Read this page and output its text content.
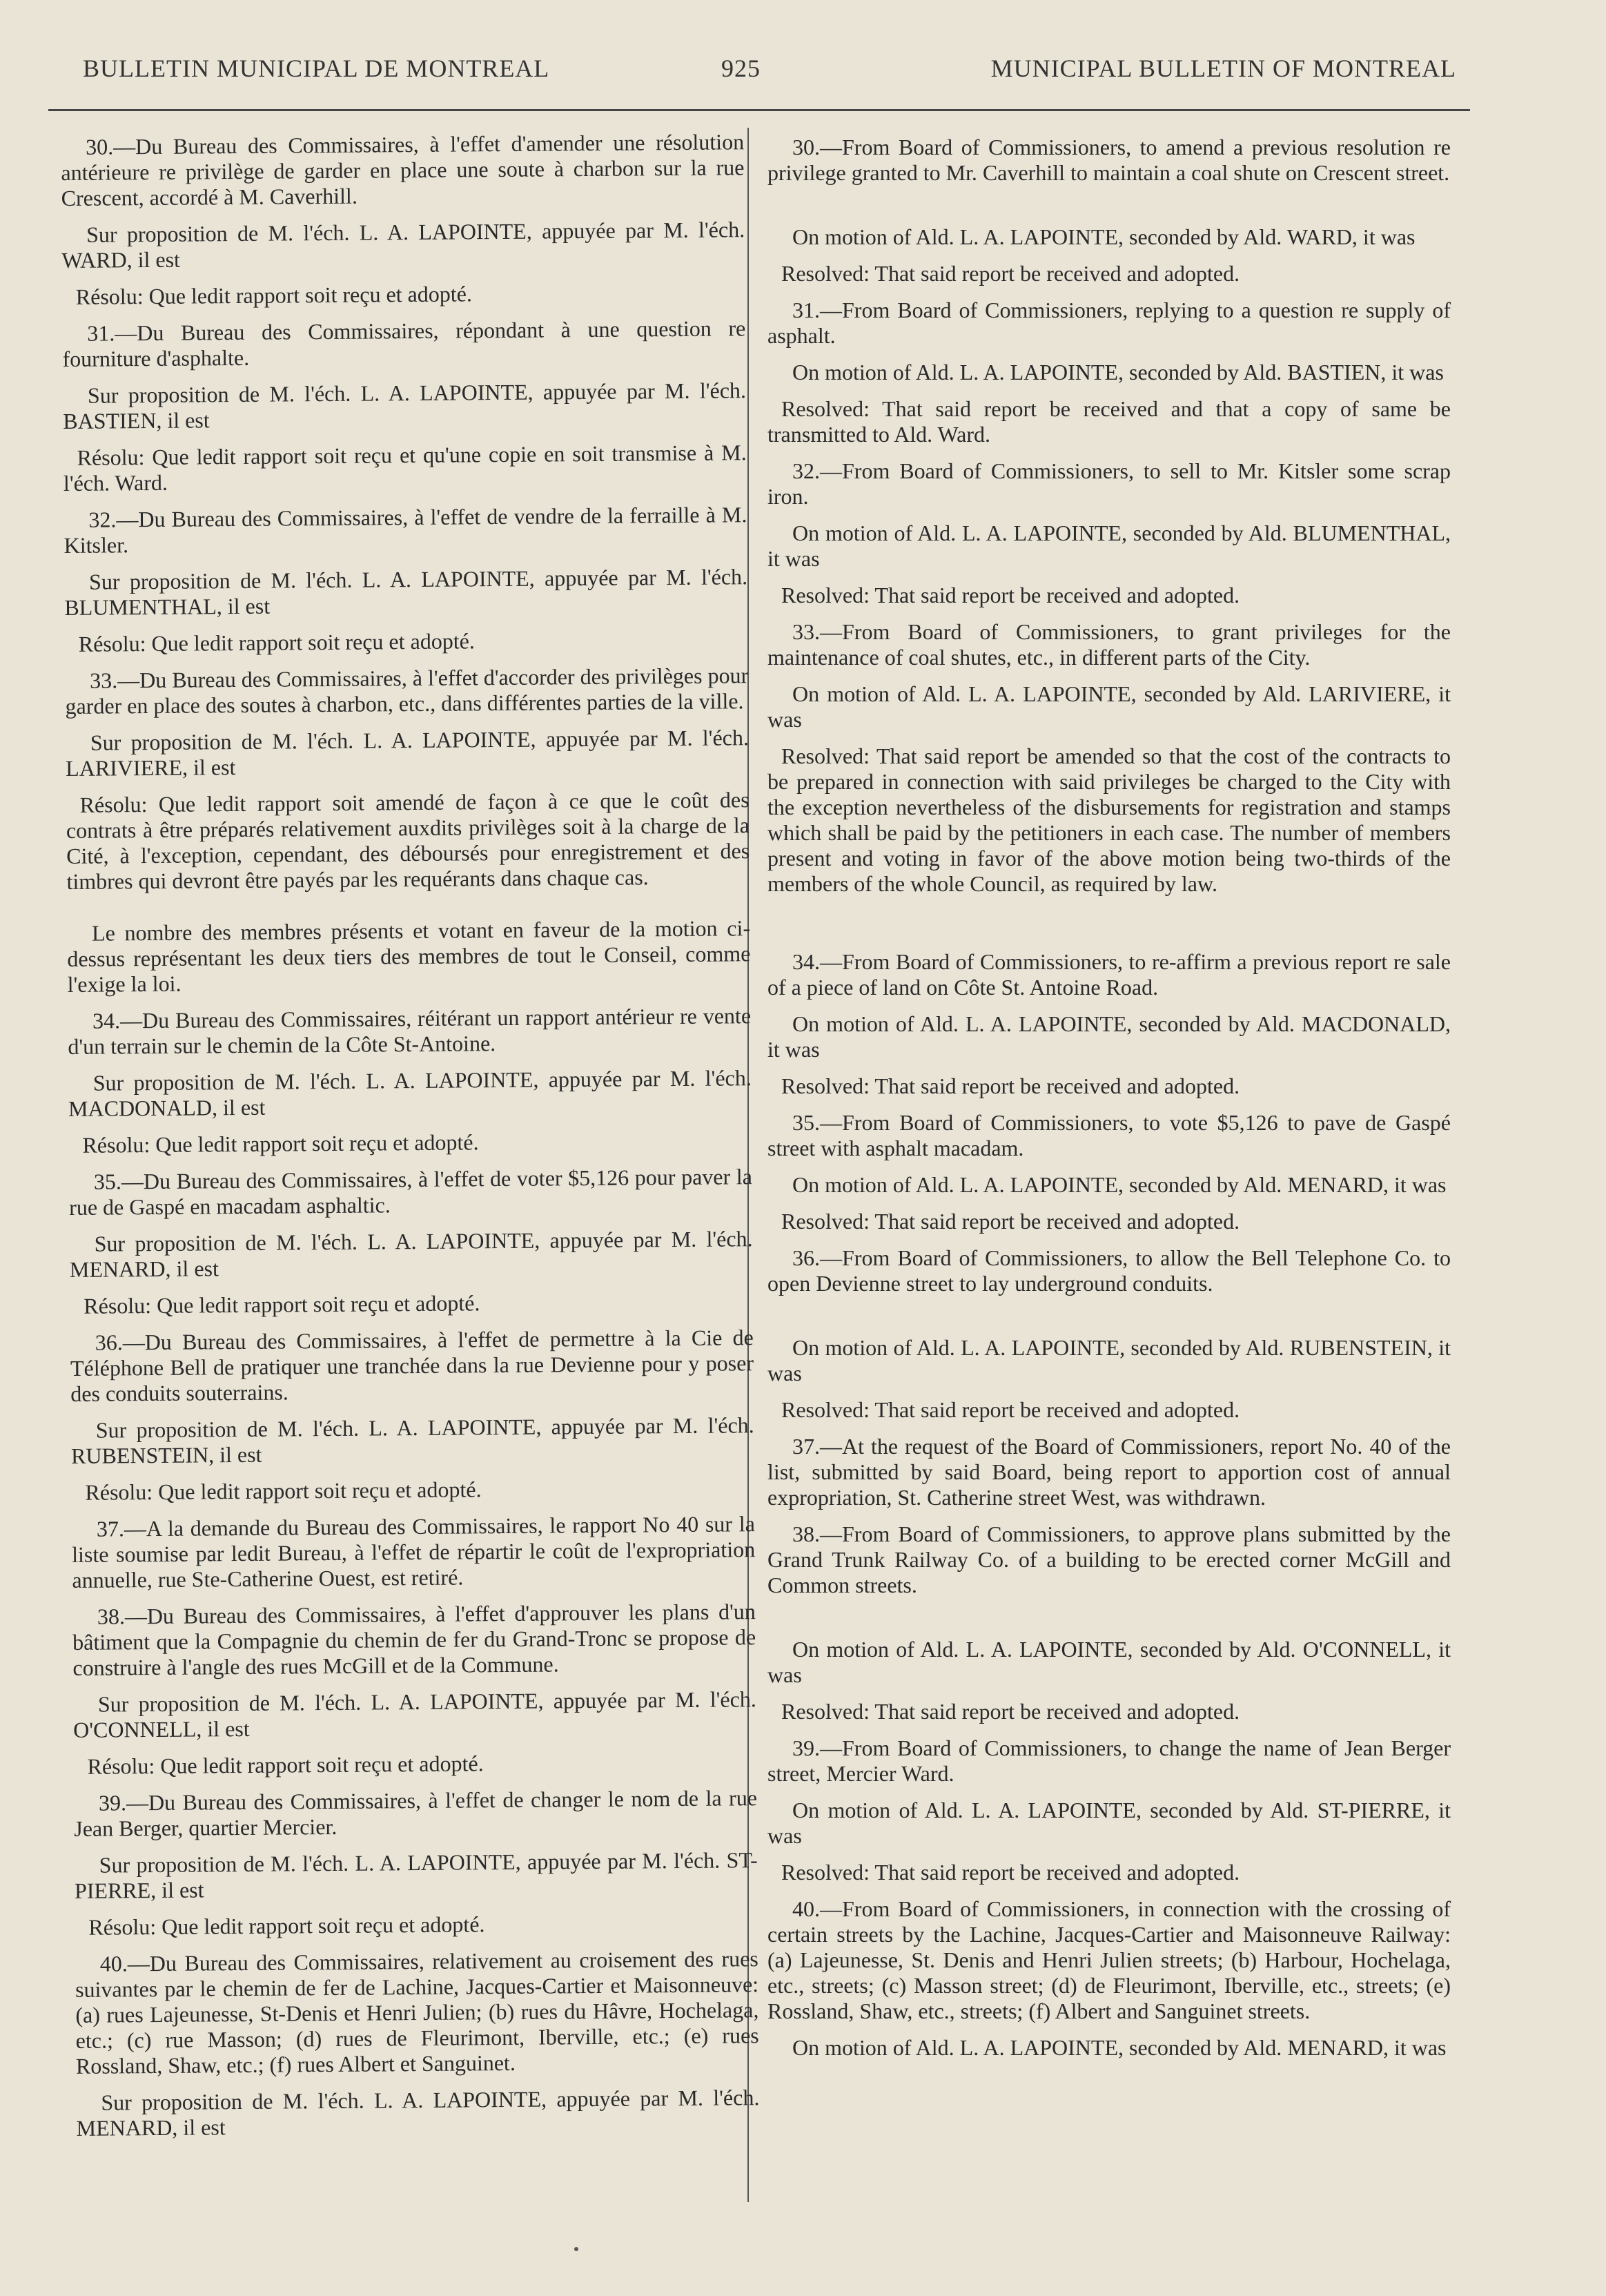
BULLETIN MUNICIPAL DE MONTREAL	925	MUNICIPAL BULLETIN OF MONTREAL

30.—Du Bureau des Commissaires, à l'effet d'amender une résolution antérieure re privilège de garder en place une soute à charbon sur la rue Crescent, accordé à M. Caverhill.

Sur proposition de M. l'éch. L. A. LAPOINTE, appuyée par M. l'éch. WARD, il est

Résolu: Que ledit rapport soit reçu et adopté.

31.—Du Bureau des Commissaires, répondant à une question re fourniture d'asphalte.

Sur proposition de M. l'éch. L. A. LAPOINTE, appuyée par M. l'éch. BASTIEN, il est

Résolu: Que ledit rapport soit reçu et qu'une copie en soit transmise à M. l'éch. Ward.

32.—Du Bureau des Commissaires, à l'effet de vendre de la ferraille à M. Kitsler.

Sur proposition de M. l'éch. L. A. LAPOINTE, appuyée par M. l'éch. BLUMENTHAL, il est

Résolu: Que ledit rapport soit reçu et adopté.

33.—Du Bureau des Commissaires, à l'effet d'accorder des privilèges pour garder en place des soutes à charbon, etc., dans différentes parties de la ville.

Sur proposition de M. l'éch. L. A. LAPOINTE, appuyée par M. l'éch. LARIVIERE, il est

Résolu: Que ledit rapport soit amendé de façon à ce que le coût des contrats à être préparés relativement auxdits privilèges soit à la charge de la Cité, à l'exception, cependant, des déboursés pour enregistrement et des timbres qui devront être payés par les requérants dans chaque cas.

Le nombre des membres présents et votant en faveur de la motion ci-dessus représentant les deux tiers des membres de tout le Conseil, comme l'exige la loi.

34.—Du Bureau des Commissaires, réitérant un rapport antérieur re vente d'un terrain sur le chemin de la Côte St-Antoine.

Sur proposition de M. l'éch. L. A. LAPOINTE, appuyée par M. l'éch. MACDONALD, il est

Résolu: Que ledit rapport soit reçu et adopté.

35.—Du Bureau des Commissaires, à l'effet de voter $5,126 pour paver la rue de Gaspé en macadam asphaltic.

Sur proposition de M. l'éch. L. A. LAPOINTE, appuyée par M. l'éch. MENARD, il est

Résolu: Que ledit rapport soit reçu et adopté.

36.—Du Bureau des Commissaires, à l'effet de permettre à la Cie de Téléphone Bell de pratiquer une tranchée dans la rue Devienne pour y poser des conduits souterrains.

Sur proposition de M. l'éch. L. A. LAPOINTE, appuyée par M. l'éch. RUBENSTEIN, il est

Résolu: Que ledit rapport soit reçu et adopté.

37.—A la demande du Bureau des Commissaires, le rapport No 40 sur la liste soumise par ledit Bureau, à l'effet de répartir le coût de l'expropriation annuelle, rue Ste-Catherine Ouest, est retiré.

38.—Du Bureau des Commissaires, à l'effet d'approuver les plans d'un bâtiment que la Compagnie du chemin de fer du Grand-Tronc se propose de construire à l'angle des rues McGill et de la Commune.

Sur proposition de M. l'éch. L. A. LAPOINTE, appuyée par M. l'éch. O'CONNELL, il est

Résolu: Que ledit rapport soit reçu et adopté.

39.—Du Bureau des Commissaires, à l'effet de changer le nom de la rue Jean Berger, quartier Mercier.

Sur proposition de M. l'éch. L. A. LAPOINTE, appuyée par M. l'éch. ST-PIERRE, il est

Résolu: Que ledit rapport soit reçu et adopté.

40.—Du Bureau des Commissaires, relativement au croisement des rues suivantes par le chemin de fer de Lachine, Jacques-Cartier et Maisonneuve: (a) rues Lajeunesse, St-Denis et Henri Julien; (b) rues du Hâvre, Hochelaga, etc.; (c) rue Masson; (d) rues de Fleurimont, Iberville, etc.; (e) rues Rossland, Shaw, etc.; (f) rues Albert et Sanguinet.

Sur proposition de M. l'éch. L. A. LAPOINTE, appuyée par M. l'éch. MENARD, il est

30.—From Board of Commissioners, to amend a previous resolution re privilege granted to Mr. Caverhill to maintain a coal shute on Crescent street.

On motion of Ald. L. A. LAPOINTE, seconded by Ald. WARD, it was

Resolved: That said report be received and adopted.

31.—From Board of Commissioners, replying to a question re supply of asphalt.

On motion of Ald. L. A. LAPOINTE, seconded by Ald. BASTIEN, it was

Resolved: That said report be received and that a copy of same be transmitted to Ald. Ward.

32.—From Board of Commissioners, to sell to Mr. Kitsler some scrap iron.

On motion of Ald. L. A. LAPOINTE, seconded by Ald. BLUMENTHAL, it was

Resolved: That said report be received and adopted.

33.—From Board of Commissioners, to grant privileges for the maintenance of coal shutes, etc., in different parts of the City.

On motion of Ald. L. A. LAPOINTE, seconded by Ald. LARIVIERE, it was

Resolved: That said report be amended so that the cost of the contracts to be prepared in connection with said privileges be charged to the City with the exception nevertheless of the disbursements for registration and stamps which shall be paid by the petitioners in each case. The number of members present and voting in favor of the above motion being two-thirds of the members of the whole Council, as required by law.

34.—From Board of Commissioners, to re-affirm a previous report re sale of a piece of land on Côte St. Antoine Road.

On motion of Ald. L. A. LAPOINTE, seconded by Ald. MACDONALD, it was

Resolved: That said report be received and adopted.

35.—From Board of Commissioners, to vote $5,126 to pave de Gaspé street with asphalt macadam.

On motion of Ald. L. A. LAPOINTE, seconded by Ald. MENARD, it was

Resolved: That said report be received and adopted.

36.—From Board of Commissioners, to allow the Bell Telephone Co. to open Devienne street to lay underground conduits.

On motion of Ald. L. A. LAPOINTE, seconded by Ald. RUBENSTEIN, it was

Resolved: That said report be received and adopted.

37.—At the request of the Board of Commissioners, report No. 40 of the list, submitted by said Board, being report to apportion cost of annual expropriation, St. Catherine street West, was withdrawn.

38.—From Board of Commissioners, to approve plans submitted by the Grand Trunk Railway Co. of a building to be erected corner McGill and Common streets.

On motion of Ald. L. A. LAPOINTE, seconded by Ald. O'CONNELL, it was

Resolved: That said report be received and adopted.

39.—From Board of Commissioners, to change the name of Jean Berger street, Mercier Ward.

On motion of Ald. L. A. LAPOINTE, seconded by Ald. ST-PIERRE, it was

Resolved: That said report be received and adopted.

40.—From Board of Commissioners, in connection with the crossing of certain streets by the Lachine, Jacques-Cartier and Maisonneuve Railway: (a) Lajeunesse, St. Denis and Henri Julien streets; (b) Harbour, Hochelaga, etc., streets; (c) Masson street; (d) de Fleurimont, Iberville, etc., streets; (e) Rossland, Shaw, etc., streets; (f) Albert and Sanguinet streets.

On motion of Ald. L. A. LAPOINTE, seconded by Ald. MENARD, it was
